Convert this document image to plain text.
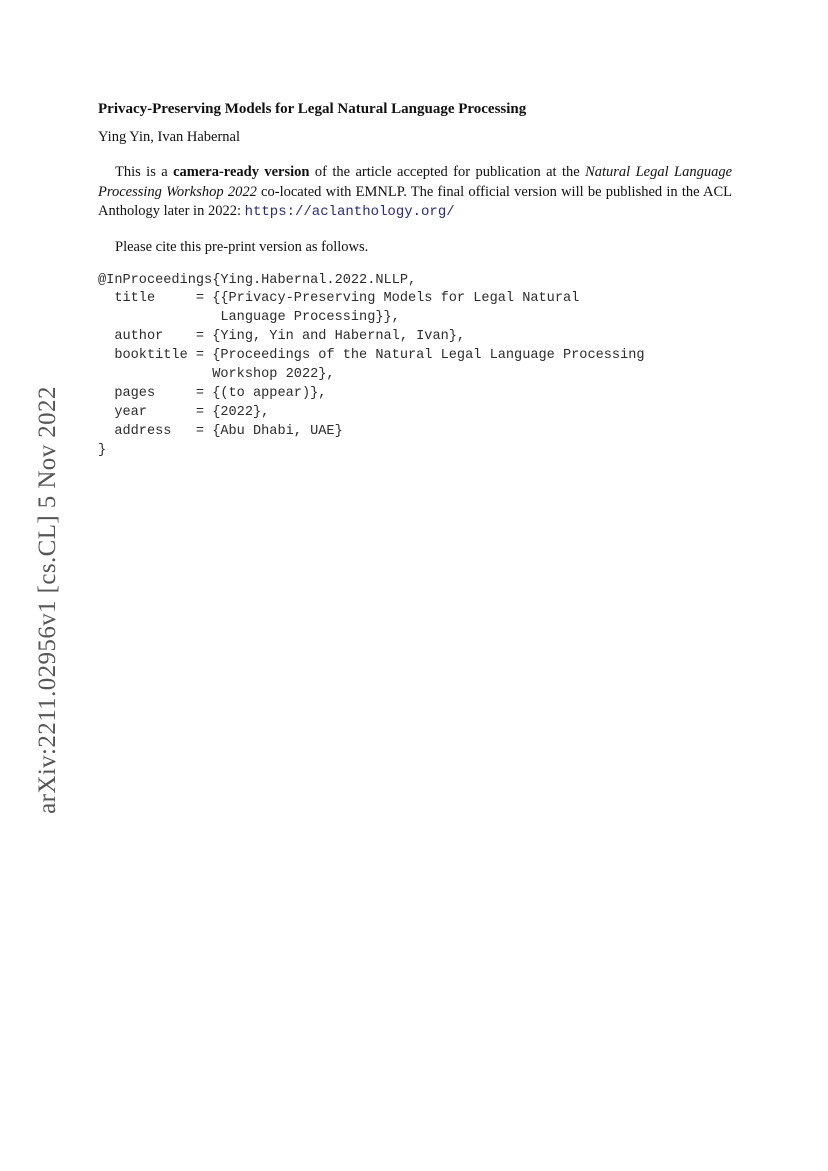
arXiv:2211.02956v1 [cs.CL] 5 Nov 2022
Privacy-Preserving Models for Legal Natural Language Processing
Ying Yin, Ivan Habernal

This is a camera-ready version of the article accepted for publication at the Natural Legal Language Processing Workshop 2022 co-located with EMNLP. The final official version will be published in the ACL Anthology later in 2022: https://aclanthology.org/

Please cite this pre-print version as follows.

@InProceedings{Ying.Habernal.2022.NLLP,
title     = {{Privacy-Preserving Models for Legal Natural
Language Processing}},
author    = {Ying, Yin and Habernal, Ivan},
booktitle = {Proceedings of the Natural Legal Language Processing
Workshop 2022},
pages     = {(to appear)},
year      = {2022},
address   = {Abu Dhabi, UAE}
}
